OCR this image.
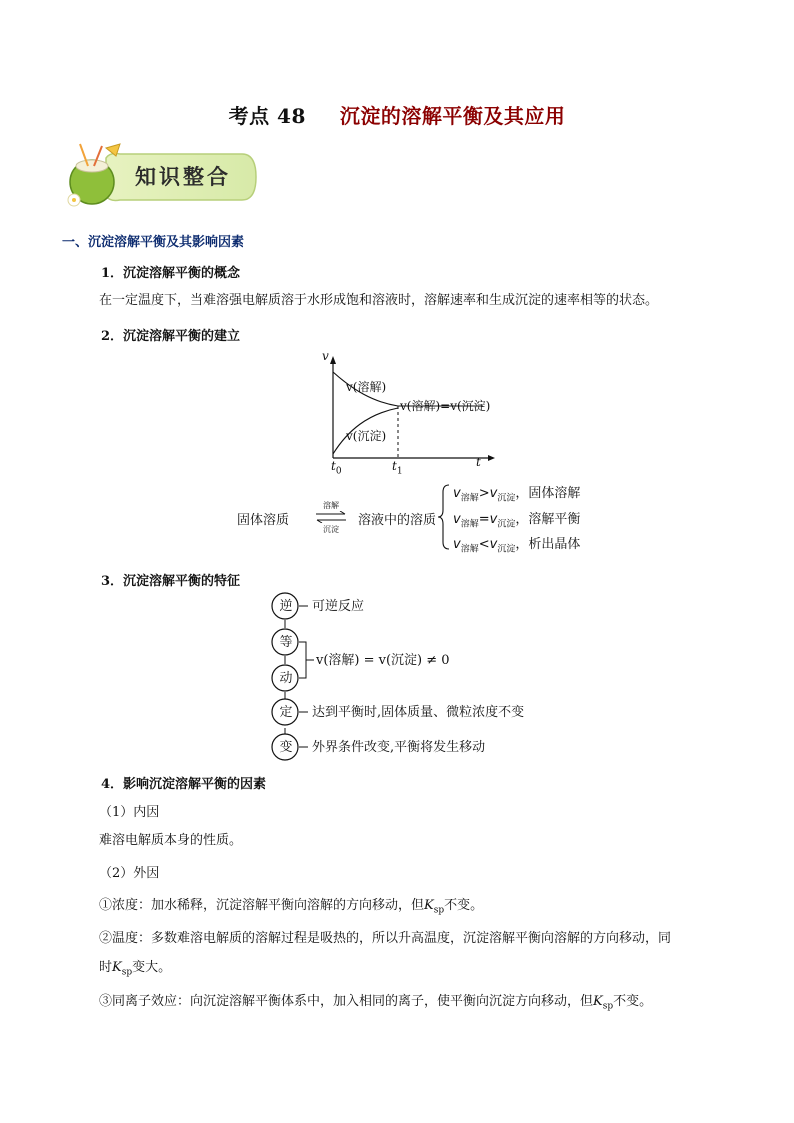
考点 48 沉淀的溶解平衡及其应用
知识整合
一、沉淀溶解平衡及其影响因素
1．沉淀溶解平衡的概念
在一定温度下，当难溶强电解质溶于水形成饱和溶液时，溶解速率和生成沉淀的速率相等的状态。
2．沉淀溶解平衡的建立
v
t
$t_0$	$t_1$
v(溶解)
v(沉淀)
v(溶解)=v(沉淀)
固体溶质
溶解
沉淀
溶液中的溶质
$v_{溶解}>v_{沉淀}$，固体溶解
$v_{溶解}=v_{沉淀}$，溶解平衡
$v_{溶解}<v_{沉淀}$，析出晶体
3．沉淀溶解平衡的特征
逆
等
动
定
变
可逆反应
v(溶解) = v(沉淀) ≠ 0
达到平衡时,固体质量、微粒浓度不变
外界条件改变,平衡将发生移动
4．影响沉淀溶解平衡的因素
（1）内因
难溶电解质本身的性质。
（2）外因
①浓度：加水稀释，沉淀溶解平衡向溶解的方向移动，但$K_{sp}$不变。
②温度：多数难溶电解质的溶解过程是吸热的，所以升高温度，沉淀溶解平衡向溶解的方向移动，同
时$K_{sp}$变大。
③同离子效应：向沉淀溶解平衡体系中，加入相同的离子，使平衡向沉淀方向移动，但$K_{sp}$不变。
